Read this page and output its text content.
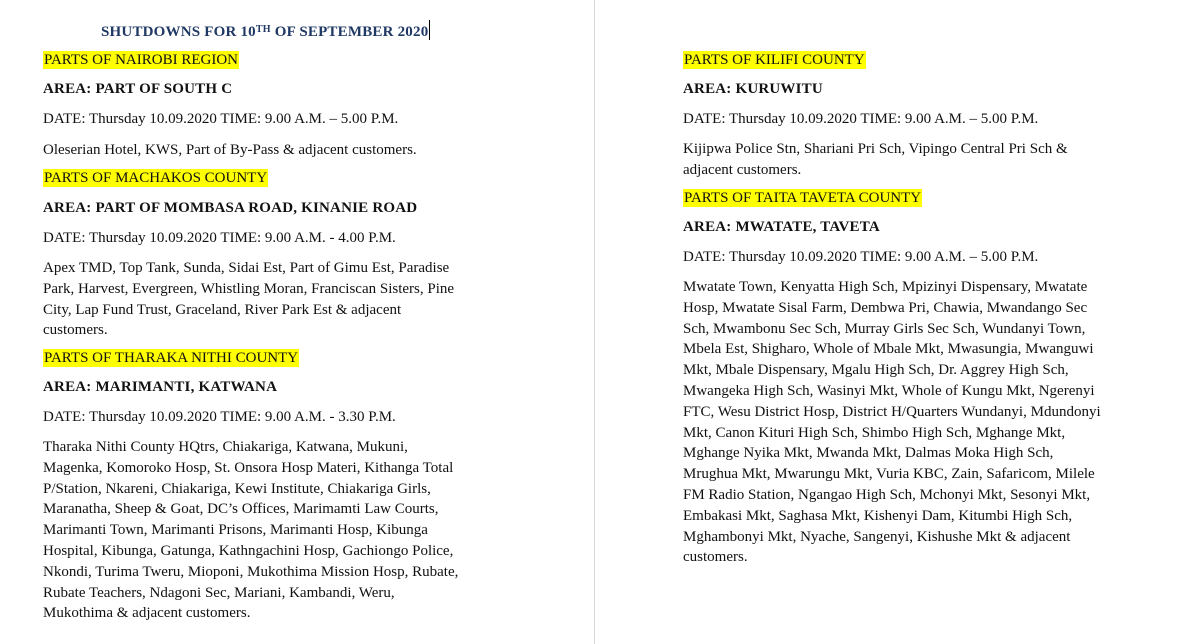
SHUTDOWNS FOR 10TH OF SEPTEMBER 2020
PARTS OF NAIROBI REGION
AREA: PART OF SOUTH C
DATE: Thursday 10.09.2020 TIME: 9.00 A.M. – 5.00 P.M.
Oleserian Hotel, KWS, Part of By-Pass & adjacent customers.
PARTS OF MACHAKOS COUNTY
AREA: PART OF MOMBASA ROAD, KINANIE ROAD
DATE: Thursday 10.09.2020 TIME: 9.00 A.M. - 4.00 P.M.
Apex TMD, Top Tank, Sunda, Sidai Est, Part of Gimu Est, Paradise
Park, Harvest, Evergreen, Whistling Moran, Franciscan Sisters, Pine
City, Lap Fund Trust, Graceland, River Park Est & adjacent
customers.
PARTS OF THARAKA NITHI COUNTY
AREA: MARIMANTI, KATWANA
DATE: Thursday 10.09.2020 TIME: 9.00 A.M. - 3.30 P.M.
Tharaka Nithi County HQtrs, Chiakariga, Katwana, Mukuni,
Magenka, Komoroko Hosp, St. Onsora Hosp Materi, Kithanga Total
P/Station, Nkareni, Chiakariga, Kewi Institute, Chiakariga Girls,
Maranatha, Sheep & Goat, DC’s Offices, Marimamti Law Courts,
Marimanti Town, Marimanti Prisons, Marimanti Hosp, Kibunga
Hospital, Kibunga, Gatunga, Kathngachini Hosp, Gachiongo Police,
Nkondi, Turima Tweru, Mioponi, Mukothima Mission Hosp, Rubate,
Rubate Teachers, Ndagoni Sec, Mariani, Kambandi, Weru,
Mukothima & adjacent customers.
PARTS OF KILIFI COUNTY
AREA: KURUWITU
DATE: Thursday 10.09.2020 TIME: 9.00 A.M. – 5.00 P.M.
Kijipwa Police Stn, Shariani Pri Sch, Vipingo Central Pri Sch &
adjacent customers.
PARTS OF TAITA TAVETA COUNTY
AREA: MWATATE, TAVETA
DATE: Thursday 10.09.2020 TIME: 9.00 A.M. – 5.00 P.M.
Mwatate Town, Kenyatta High Sch, Mpizinyi Dispensary, Mwatate
Hosp, Mwatate Sisal Farm, Dembwa Pri, Chawia, Mwandango Sec
Sch, Mwambonu Sec Sch, Murray Girls Sec Sch, Wundanyi Town,
Mbela Est, Shigharo, Whole of Mbale Mkt, Mwasungia, Mwanguwi
Mkt, Mbale Dispensary, Mgalu High Sch, Dr. Aggrey High Sch,
Mwangeka High Sch, Wasinyi Mkt, Whole of Kungu Mkt, Ngerenyi
FTC, Wesu District Hosp, District H/Quarters Wundanyi, Mdundonyi
Mkt, Canon Kituri High Sch, Shimbo High Sch, Mghange Mkt,
Mghange Nyika Mkt, Mwanda Mkt, Dalmas Moka High Sch,
Mrughua Mkt, Mwarungu Mkt, Vuria KBC, Zain, Safaricom, Milele
FM Radio Station, Ngangao High Sch, Mchonyi Mkt, Sesonyi Mkt,
Embakasi Mkt, Saghasa Mkt, Kishenyi Dam, Kitumbi High Sch,
Mghambonyi Mkt, Nyache, Sangenyi, Kishushe Mkt & adjacent
customers.
